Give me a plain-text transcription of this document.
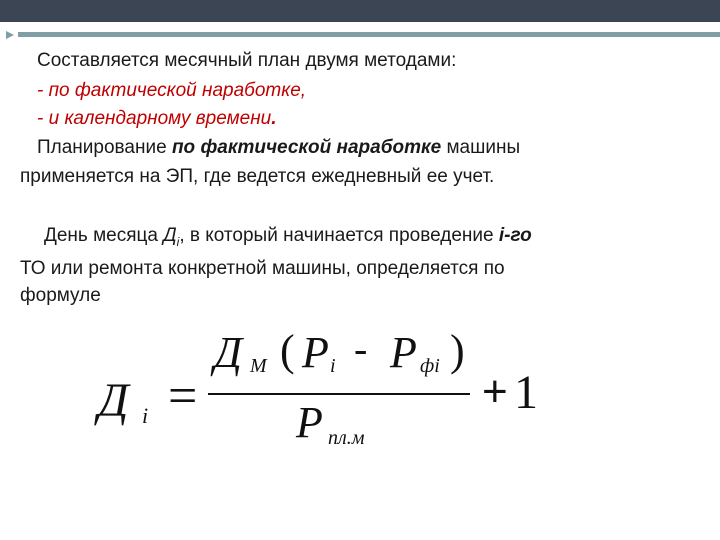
Составляется месячный план двумя методами:
- по фактической наработке,
- и календарному времени.
Планирование по фактической наработке машины
применяется на ЭП, где ведется ежедневный ее учет.
День месяца $Д_i$, в который начинается проведение i-го
ТО или ремонта конкретной машины, определяется по
формуле
Д i =
Д М ( Р i - Р фi )
Р пл.м
+ 1
